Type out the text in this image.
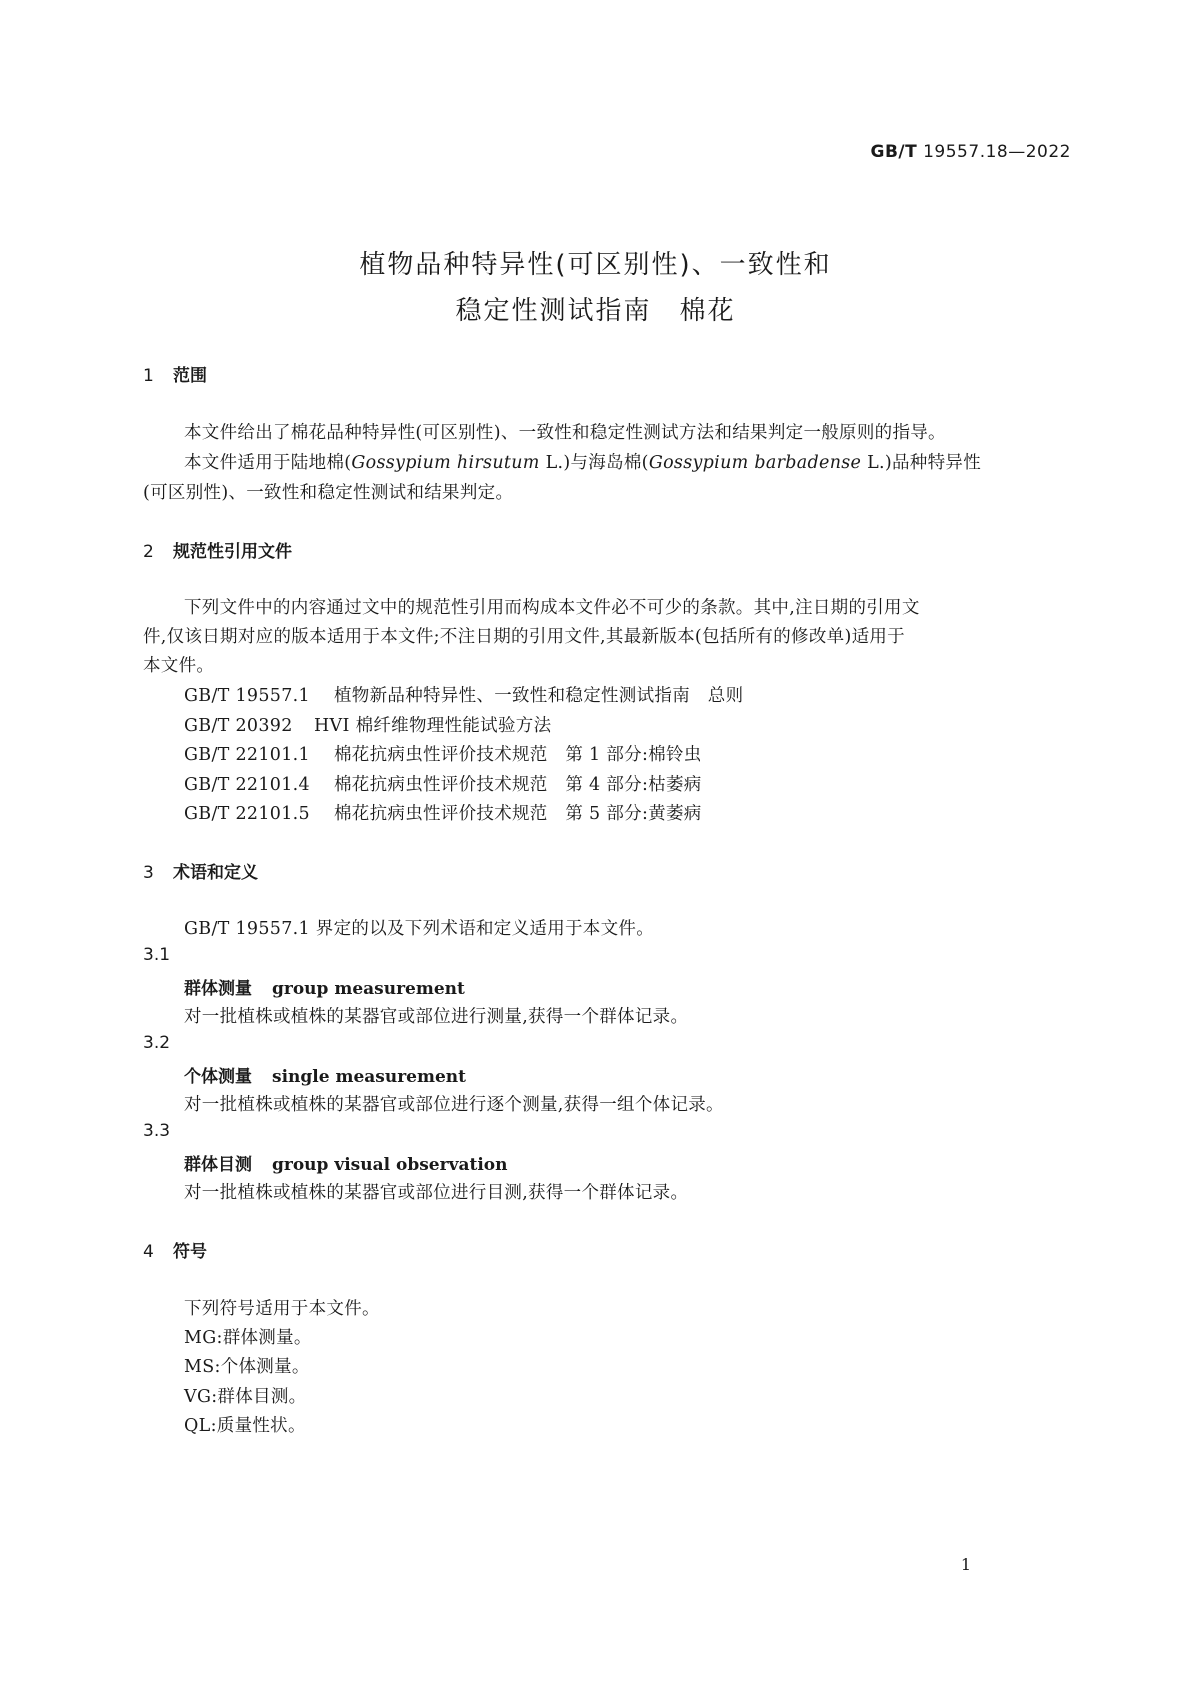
GB/T 19557.18—2022
植物品种特异性(可区别性)、一致性和
稳定性测试指南　棉花
1 范围
本文件给出了棉花品种特异性(可区别性)、一致性和稳定性测试方法和结果判定一般原则的指导。
本文件适用于陆地棉(Gossypium hirsutum L.)与海岛棉(Gossypium barbadense L.)品种特异性
(可区别性)、一致性和稳定性测试和结果判定。
2 规范性引用文件
下列文件中的内容通过文中的规范性引用而构成本文件必不可少的条款。其中,注日期的引用文
件,仅该日期对应的版本适用于本文件;不注日期的引用文件,其最新版本(包括所有的修改单)适用于
本文件。
GB/T 19557.1 植物新品种特异性、一致性和稳定性测试指南　总则
GB/T 20392 HVI 棉纤维物理性能试验方法
GB/T 22101.1 棉花抗病虫性评价技术规范　第 1 部分:棉铃虫
GB/T 22101.4 棉花抗病虫性评价技术规范　第 4 部分:枯萎病
GB/T 22101.5 棉花抗病虫性评价技术规范　第 5 部分:黄萎病
3 术语和定义
GB/T 19557.1 界定的以及下列术语和定义适用于本文件。
3.1
群体测量 group measurement
对一批植株或植株的某器官或部位进行测量,获得一个群体记录。
3.2
个体测量 single measurement
对一批植株或植株的某器官或部位进行逐个测量,获得一组个体记录。
3.3
群体目测 group visual observation
对一批植株或植株的某器官或部位进行目测,获得一个群体记录。
4 符号
下列符号适用于本文件。
MG:群体测量。
MS:个体测量。
VG:群体目测。
QL:质量性状。
1
